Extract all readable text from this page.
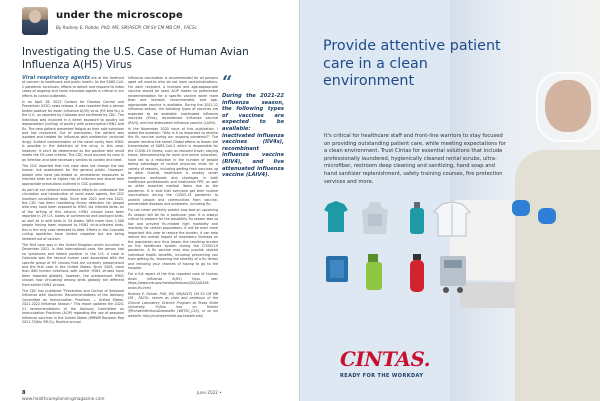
under the microscope
By Rodney E. Rohde, PhD, MS, SM(ASCP) CM SV CM MB CM , FACSc
Investigating the U.S. Case of Human Avian Influenza A(H5) Virus

Viral respiratory agents are at the forefront of concern to healthcare and public health. As the SARS-CoV-2 pandemic continues, efforts to detect and respond to index cases of ongoing and novel microbial agents is critical in our efforts to curtail outbreaks.

In an April 28, 2022 Centers for Disease Control and Prevention (CDC) news release, it was reported that a person tested positive for avian influenza A(H5) virus (H5 bird flu) in the U.S., as reported by Colorado and confirmed by CDC. The individual was involved in a direct exposure to poultry via depopulation (culling) of poultry with presumptive H5N1 bird flu. The case patient presented fatigue as their sole symptom and has recovered. Out of precaution, the patient was isolated and treated for influenza with oseltamivir (antiviral drug). Surface contamination of the nasal cavity from H5N1 is possible in the detection of the virus; in this case, however, it can't be determined as the positive test result meets the H5 case criteria. The CDC must assume its case in an infection and take necessary actions to contain and treat.

The CDC reported that this case does not change the low human risk assessment for the general public. However, people who have job-related or recreational exposures to infected birds are at higher risk of infection and should take appropriate precautions outlined in CDC guidance.

As part of our national surveillance efforts to understand the circulation and introduction of novel avian agents, the CDC monitors surveillance data. Since late 2021 and into 2022, the CDC has been monitoring illness detection for people who may have been exposed to H5N1 via infected birds. As of the writing of this column, H5N1 viruses have been reported in 29 U.S. states of commercial and backyard birds, as well as in wild birds in 34 states. With more than 2,500 people having been exposed to H5N1 virus-infected birds, this is the only case detected to date. Efforts in the Colorado culling operation have limited negative but are being retested out of caution.

The first case was in the United Kingdom which occurred in December 2021. In that international case, the person had no symptoms and tested positive. In the U.S. a case in Colorado was the second human case associated with the specific group of H5 viruses that are currently predominant and the first case in the United States. Since 2003, more than 880 human infections with earlier H5N1 viruses have been reported globally; however, the predominant H5N1 viruses now circulating among birds globally are different from earlier H5N1 viruses.

The CDC has published "Prevention and Control of Seasonal Influenza with Vaccines: Recommendations of the Advisory Committee on Immunization Practices — United States, 2021-2022 Influenza Season." This report updates the 2020-21 recommendations of the Advisory Committee on Immunization Practices (ACIP) regarding the use of seasonal influenza vaccines in the United States (MMWR Recomm Rep 2021;70(No. RR-5)). Routine annual

influenza vaccination is recommended for all persons aged ≥6 months who do not have contraindications. For each recipient, a licensed and age-appropriate vaccine should be used. ACIP makes no preferential recommendation for a specific vaccine when more than one licensed, recommended, and age-appropriate vaccine is available. During the 2021-22 influenza season, the following types of vaccines are expected to be available: inactivated influenza vaccines (IIV4s), recombinant influenza vaccine (RIV4), and live attenuated influenza vaccine (LAIV4).

In the November 2020 issue of this publication, I asked the question: "Why is it so important to receive the flu vaccine during our ongoing pandemic?" The answer remains the same! Global efforts to lessen the transmission of SARS-CoV-2 which is responsible for the COVID-19 illness, such as reduced travel, staying home, telecommuting for work and online education, have led to a reduction in the number of people taking advantage of routine physician visits for a variety of reasons, including getting their vaccines up to date. Overall, healthcare is already under dangerous workloads and shortages in both healthcare professionals and healthcare PPE, as well as other essential medical items due to the pandemic. It is vital that everyone get their routine vaccinations during the COVID-19 pandemic to protect people and communities from vaccine-preventable diseases and outbreaks, including flu.

Flu can never perfectly predict how bad an upcoming flu season will be for a particular year. It is always critical to prepare for the possibility flu season was so low and prevent flu-related high morbidity and mortality for certain populations. It will be even more important this year to reduce the burden, it can help reduce the overall impact of respiratory illnesses on the population and thus lessen the resulting burden on the healthcare system during the COVID-19 pandemic. A flu vaccine may also provide several individual health benefits, including preventing you from getting flu, lessening the severity of a flu illness and reducing your chances of having to go to the hospital.

For a full report of the first reported case of Human Avian Influenza A(H5) Virus, see: https://www.cdc.gov/media/releases/2022/s0428-avian-flu.html

Rodney E. Rohde, PhD, MS, SM(ASCP) CM SV CM MB CM , FACSc, serves as chair and professor of the Clinical Laboratory Science Program at Texas State University. Follow him on Twitter @RohdeInfectiousDiseaseRx (#BTSC_CLS), or on his website: http://rodneyerohde.wp.txstate.edu/

“
During the 2021-22 influenza season, the following types of vaccines are expected to be available: inactivated influenza vaccines (IIV4s), recombinant influenza vaccine (RIV4), and live attenuated influenza vaccine (LAIV4).
8	June 2022 • www.healthcareplanningmagazine.com
Provide attentive patient care in a clean environment
It's critical for healthcare staff and front-line warriors to stay focused on providing outstanding patient care, while meeting expectations for a clean environment. Trust Cintas for essential solutions that include professionally laundered, hygienically cleaned rental scrubs, ultra-microfiber, restroom deep cleaning and sanitizing, hand soap and hand sanitizer replenishment, safety training courses, fire protection services and more.
CINTAS.
READY FOR THE WORKDAY
